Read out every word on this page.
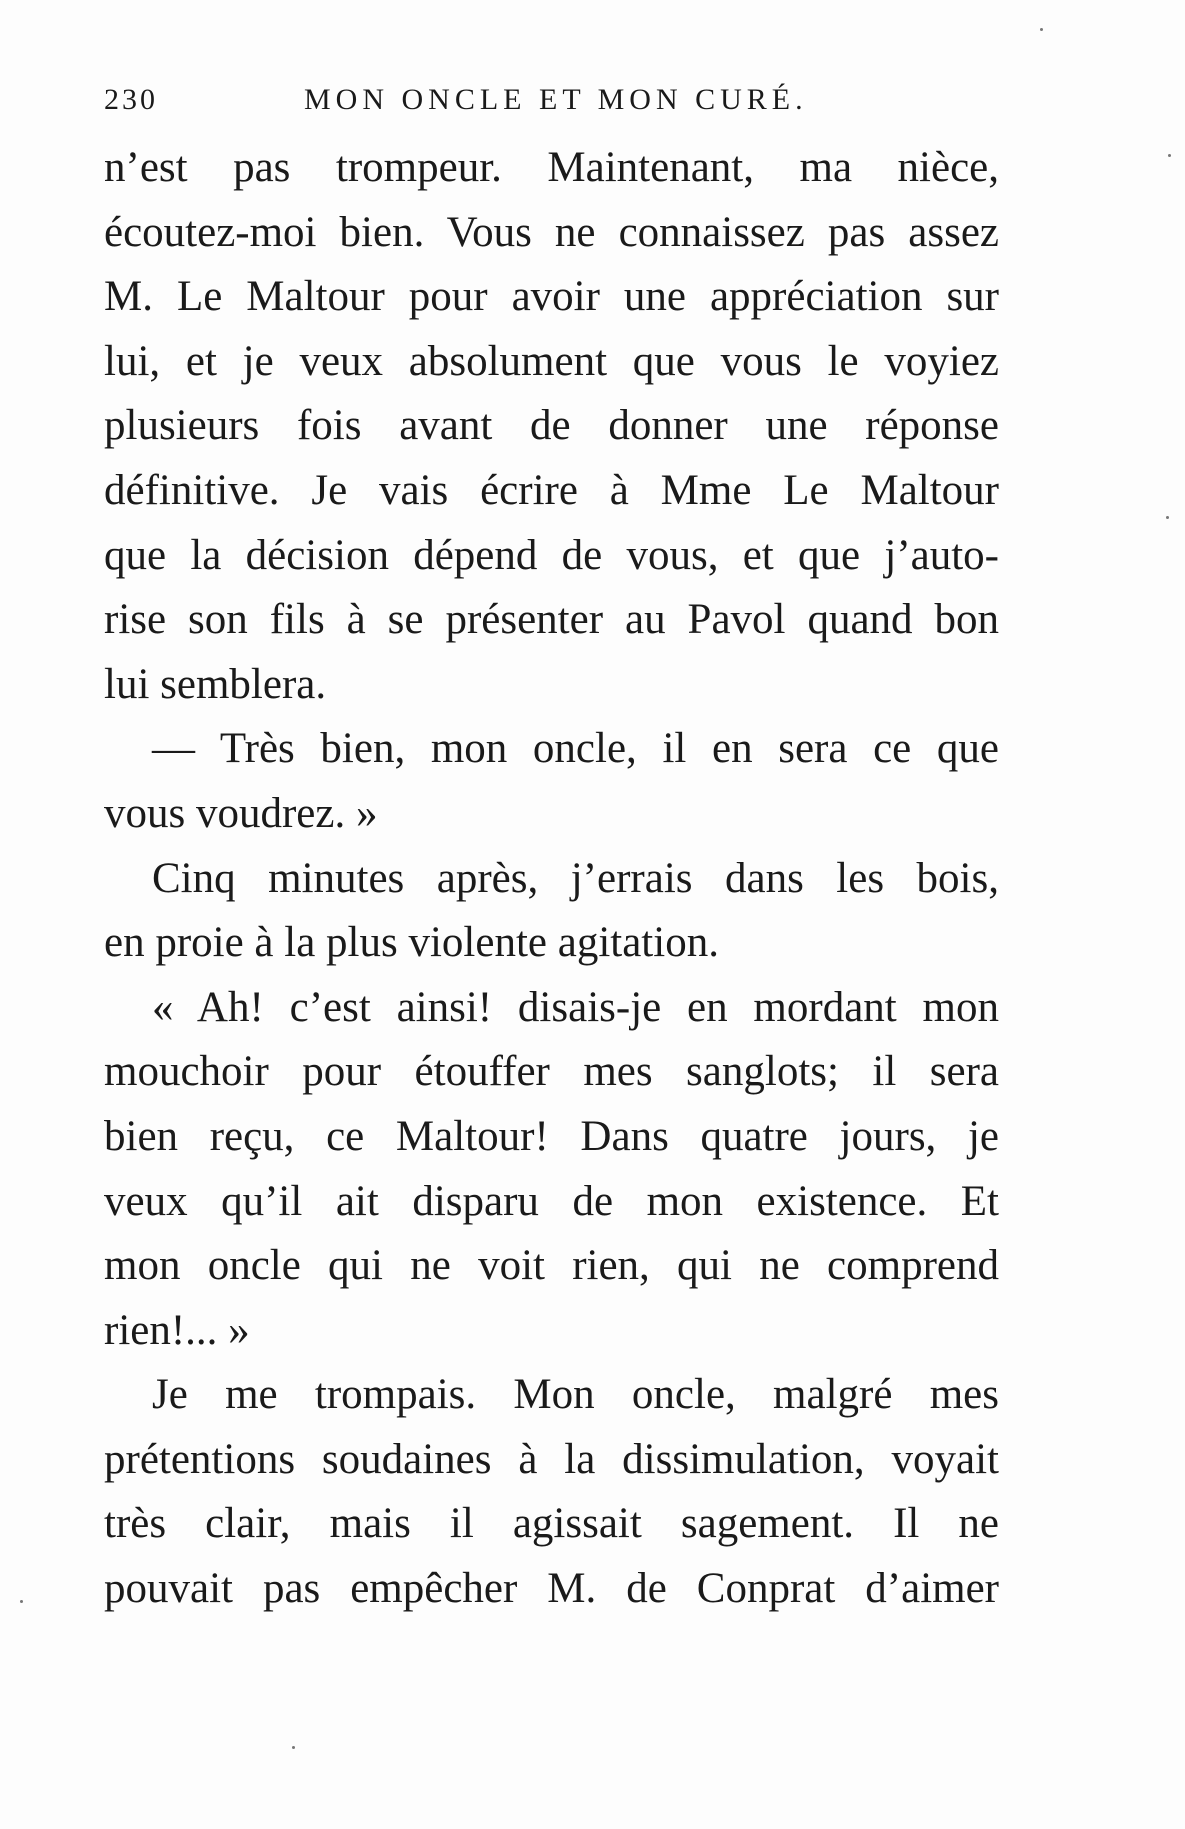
230	MON ONCLE ET MON CURÉ.
n’est pas trompeur. Maintenant, ma nièce,
écoutez-moi bien. Vous ne connaissez pas assez
M. Le Maltour pour avoir une appréciation sur
lui, et je veux absolument que vous le voyiez
plusieurs fois avant de donner une réponse
définitive. Je vais écrire à Mme Le Maltour
que la décision dépend de vous, et que j’auto-
rise son fils à se présenter au Pavol quand bon
lui semblera.
— Très bien, mon oncle, il en sera ce que
vous voudrez. »
Cinq minutes après, j’errais dans les bois,
en proie à la plus violente agitation.
« Ah! c’est ainsi! disais-je en mordant mon
mouchoir pour étouffer mes sanglots; il sera
bien reçu, ce Maltour! Dans quatre jours, je
veux qu’il ait disparu de mon existence. Et
mon oncle qui ne voit rien, qui ne comprend
rien!... »
Je me trompais. Mon oncle, malgré mes
prétentions soudaines à la dissimulation, voyait
très clair, mais il agissait sagement. Il ne
pouvait pas empêcher M. de Conprat d’aimer
